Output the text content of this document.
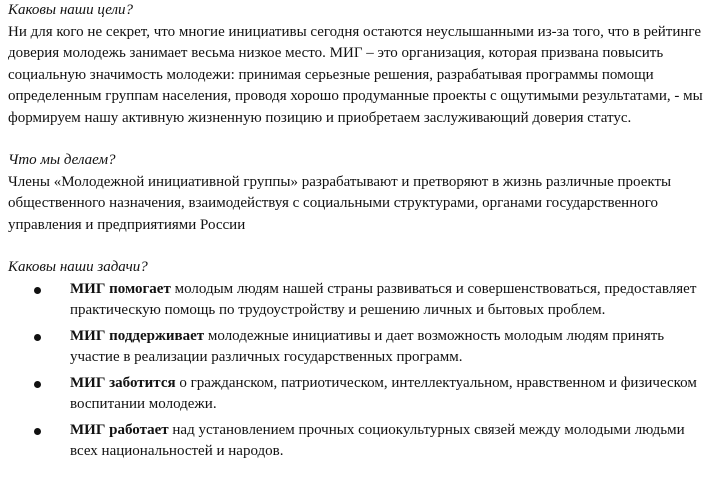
Каковы наши цели?

Ни для кого не секрет, что многие инициативы сегодня остаются неуслышанными из-за того, что в рейтинге доверия молодежь занимает весьма низкое место. МИГ – это организация, которая призвана повысить социальную значимость молодежи: принимая серьезные решения, разрабатывая программы помощи определенным группам населения, проводя хорошо продуманные проекты с ощутимыми результатами, - мы формируем нашу активную жизненную позицию и приобретаем заслуживающий доверия статус.

Что мы делаем?

Члены «Молодежной инициативной группы» разрабатывают и претворяют в жизнь различные проекты общественного назначения, взаимодействуя с социальными структурами, органами государственного управления и предприятиями России

Каковы наши задачи?

МИГ помогает молодым людям нашей страны развиваться и совершенствоваться, предоставляет практическую помощь по трудоустройству и решению личных и бытовых проблем.
МИГ поддерживает молодежные инициативы и дает возможность молодым людям принять участие в реализации различных государственных программ.
МИГ заботится о гражданском, патриотическом, интеллектуальном, нравственном и физическом воспитании молодежи.
МИГ работает над установлением прочных социокультурных связей между молодыми людьми всех национальностей и народов.
